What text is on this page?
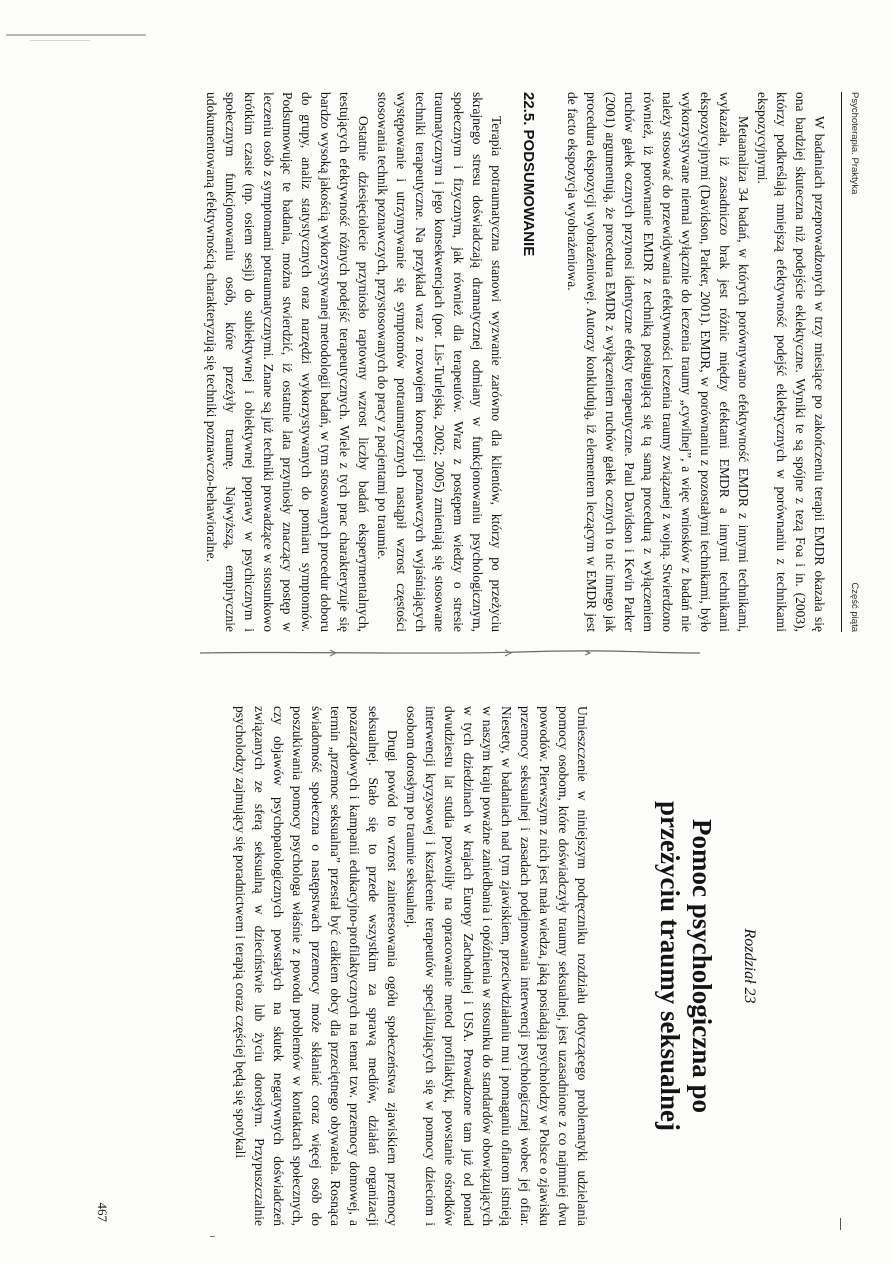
Psychoterapia. Praktyka
Część piąta

W badaniach przeprowadzonych w trzy miesiące po zakończeniu terapii EMDR okazała się ona bardziej skuteczna niż podejście eklektyczne. Wyniki te są spójne z tezą Foa i in. (2003), którzy podkreślają mniejszą efektywność podejść eklektycznych w porównaniu z technikami ekspozycyjnymi.

Metaanaliza 34 badań, w których porównywano efektywność EMDR z innymi technikami, wykazała, iż zasadniczo brak jest różnic między efektami EMDR a innymi technikami ekspozycyjnymi (Davidson, Parker, 2001). EMDR, w porównaniu z pozostałymi technikami, było wykorzystywane niemal wyłącznie do leczenia traumy „cywilnej”, a więc wniosków z badań nie należy stosować do przewidywania efektywności leczenia traumy związanej z wojną. Stwierdzono również, iż porównanie EMDR z techniką posługującą się tą samą procedurą z wyłączeniem ruchów gałek ocznych przynosi identyczne efekty terapeutyczne. Paul Davidson i Kevin Parker (2001) argumentują, że procedura EMDR z wyłączeniem ruchów gałek ocznych to nic innego jak procedura ekspozycji wyobrażeniowej. Autorzy konkludują, iż elementem leczącym w EMDR jest de facto ekspozycja wyobrażeniowa.

22.5. PODSUMOWANIE

Terapia potraumatyczna stanowi wyzwanie zarówno dla klientów, którzy po przeżyciu skrajnego stresu doświadczają dramatycznej odmiany w funkcjonowaniu psychologicznym, społecznym i fizycznym, jak również dla terapeutów. Wraz z postępem wiedzy o stresie traumatycznym i jego konsekwencjach (por. Lis-Turlejska, 2002; 2005) zmieniają się stosowane techniki terapeutyczne. Na przykład wraz z rozwojem koncepcji poznawczych wyjaśniających występowanie i utrzymywanie się symptomów potraumatycznych nastąpił wzrost częstości stosowania technik poznawczych, przystosowanych do pracy z pacjentami po traumie.

Ostatnie dziesięciolecie przyniosło raptowny wzrost liczby badań eksperymentalnych, testujących efektywność różnych podejść terapeutycznych. Wiele z tych prac charakteryzuje się bardzo wysoką jakością wykorzystywanej metodologii badań, w tym stosowanych procedur doboru do grupy, analiz statystycznych oraz narzędzi wykorzystywanych do pomiaru symptomów. Podsumowując te badania, można stwierdzić, iż ostatnie lata przyniosły znaczący postęp w leczeniu osób z symptomami potraumatycznymi. Znane są już techniki prowadzące w stosunkowo krótkim czasie (np. osiem sesji) do subiektywnej i obiektywnej poprawy w psychicznym i społecznym funkcjonowaniu osób, które przeżyły traumę. Najwyższą, empirycznie udokumentowaną efektywnością charakteryzują się techniki poznawczo-behawioralne.

Rozdział 23
Pomoc psychologiczna po przeżyciu traumy seksualnej

Umieszczenie w niniejszym podręczniku rozdziału dotyczącego problematyki udzielania pomocy osobom, które doświadczyły traumy seksualnej, jest uzasadnione z co najmniej dwu powodów. Pierwszym z nich jest mała wiedza, jaką posiadają psycholodzy w Polsce o zjawisku przemocy seksualnej i zasadach podejmowania interwencji psychologicznej wobec jej ofiar. Niestety, w badaniach nad tym zjawiskiem, przeciwdziałaniu mu i pomaganiu ofiarom istnieją w naszym kraju poważne zaniedbania i opóźnienia w stosunku do standardów obowiązujących w tych dziedzinach w krajach Europy Zachodniej i USA. Prowadzone tam już od ponad dwudziestu lat studia pozwoliły na opracowanie metod profilaktyki, powstanie ośrodków interwencji kryzysowej i kształcenie terapeutów specjalizujących się w pomocy dzieciom i osobom dorosłym po traumie seksualnej.

Drugi powód to wzrost zainteresowania ogółu społeczeństwa zjawiskiem przemocy seksualnej. Stało się to przede wszystkim za sprawą mediów, działań organizacji pozarządowych i kampanii edukacyjno-profilaktycznych na temat tzw. przemocy domowej, a termin „przemoc seksualna” przestał być całkiem obcy dla przeciętnego obywatela. Rosnąca świadomość społeczna o następstwach przemocy może skłaniać coraz więcej osób do poszukiwania pomocy psychologa właśnie z powodu problemów w kontaktach społecznych, czy objawów psychopatologicznych powstałych na skutek negatywnych doświadczeń związanych ze sferą seksualną w dzieciństwie lub życiu dorosłym. Przypuszczalnie psycholodzy zajmujący się poradnictwem i terapią coraz częściej będą się spotykali

467
